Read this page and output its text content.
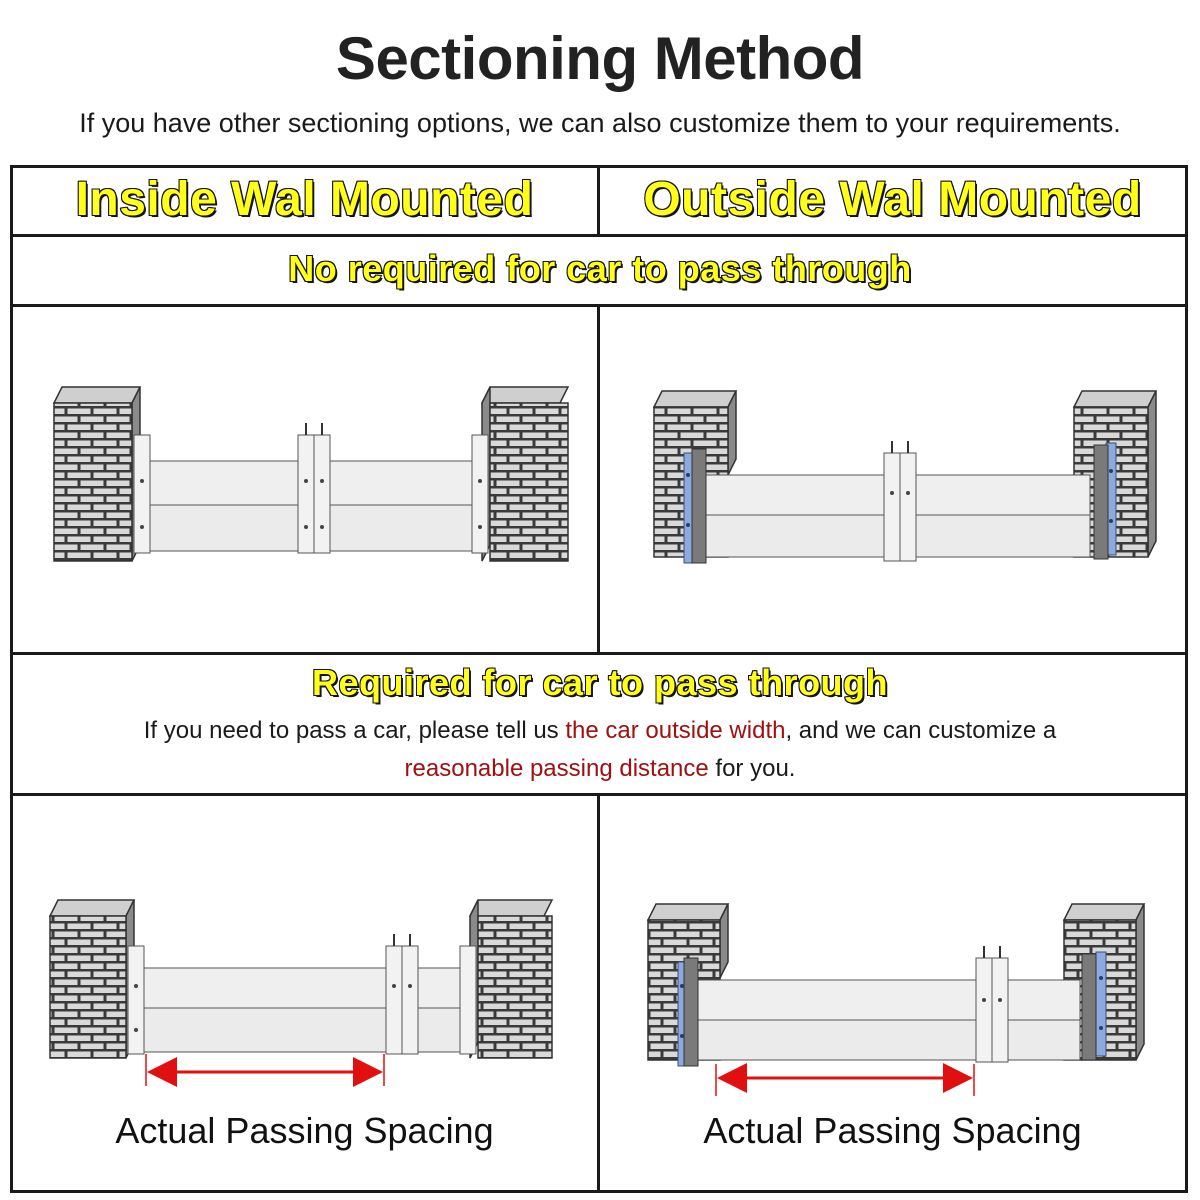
Sectioning Method
If you have other sectioning options, we can also customize them to your requirements.
Inside Wal Mounted	Outside Wal Mounted
No required for car to pass through
Required for car to pass through
If you need to pass a car, please tell us the car outside width, and we can customize a
reasonable passing distance for you.
Actual Passing Spacing	Actual Passing Spacing
